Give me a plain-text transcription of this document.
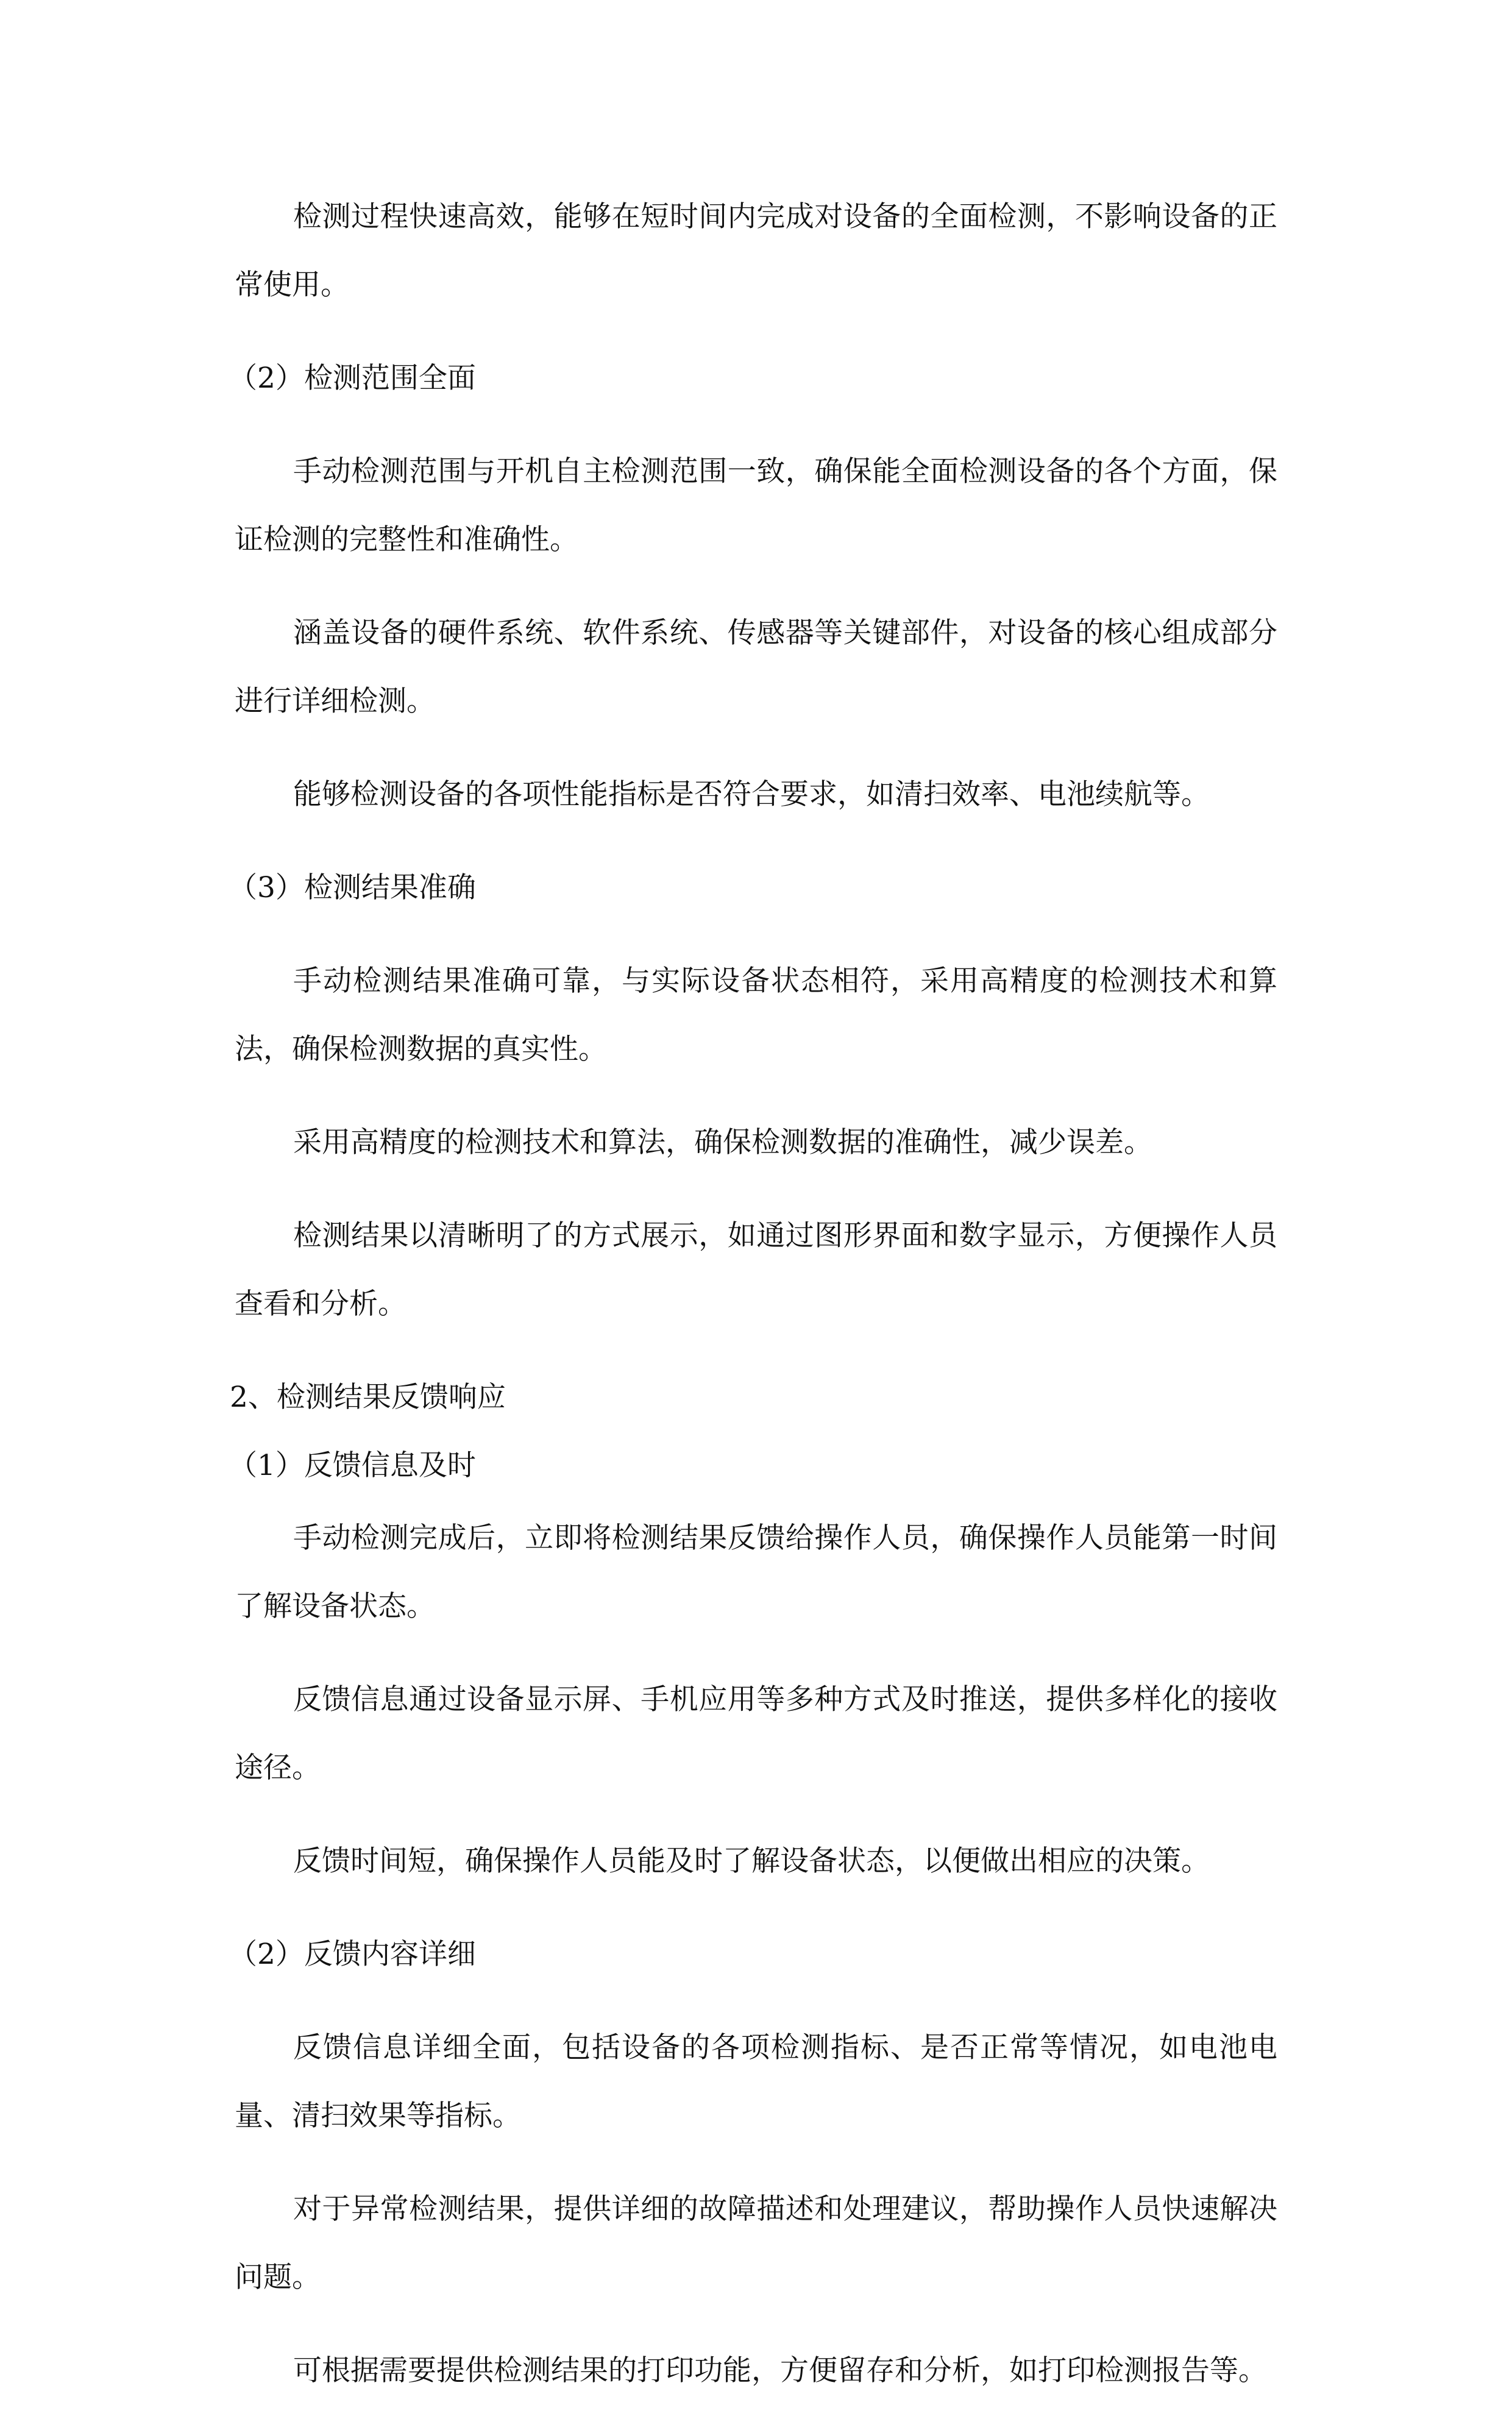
检测过程快速高效，能够在短时间内完成对设备的全面检测，不影响设备的正常使用。

（2）检测范围全面

手动检测范围与开机自主检测范围一致，确保能全面检测设备的各个方面，保证检测的完整性和准确性。

涵盖设备的硬件系统、软件系统、传感器等关键部件，对设备的核心组成部分进行详细检测。

能够检测设备的各项性能指标是否符合要求，如清扫效率、电池续航等。

（3）检测结果准确

手动检测结果准确可靠，与实际设备状态相符，采用高精度的检测技术和算法，确保检测数据的真实性。

采用高精度的检测技术和算法，确保检测数据的准确性，减少误差。

检测结果以清晰明了的方式展示，如通过图形界面和数字显示，方便操作人员查看和分析。

2、检测结果反馈响应
（1）反馈信息及时

手动检测完成后，立即将检测结果反馈给操作人员，确保操作人员能第一时间了解设备状态。

反馈信息通过设备显示屏、手机应用等多种方式及时推送，提供多样化的接收途径。

反馈时间短，确保操作人员能及时了解设备状态，以便做出相应的决策。

（2）反馈内容详细

反馈信息详细全面，包括设备的各项检测指标、是否正常等情况，如电池电量、清扫效果等指标。

对于异常检测结果，提供详细的故障描述和处理建议，帮助操作人员快速解决问题。

可根据需要提供检测结果的打印功能，方便留存和分析，如打印检测报告等。
